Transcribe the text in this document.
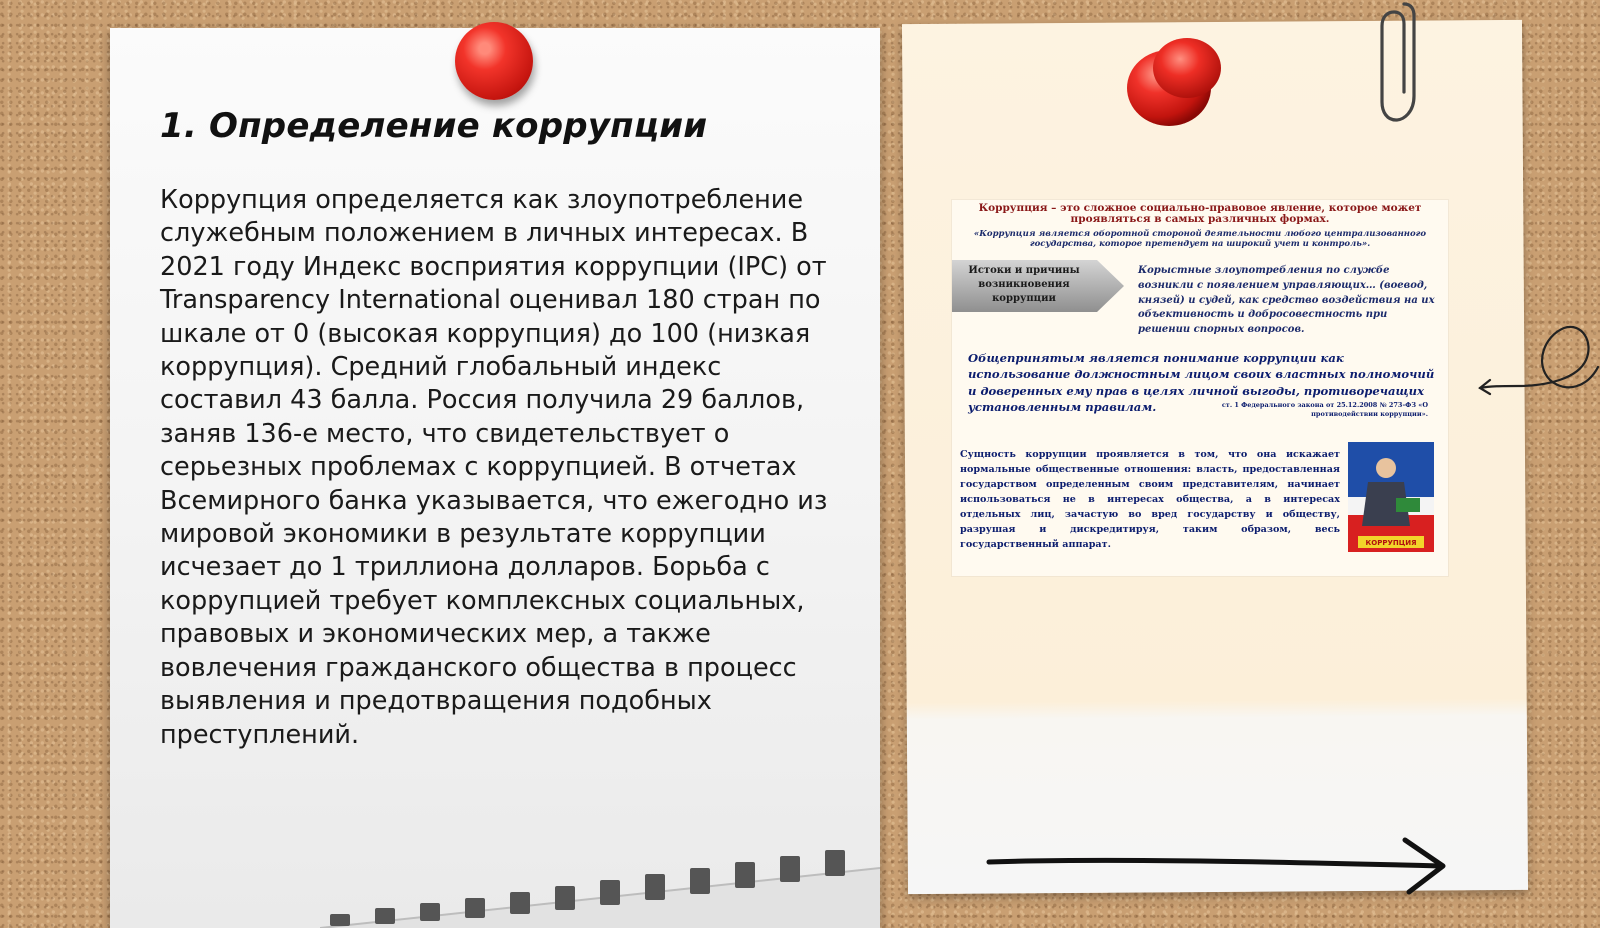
1. Определение коррупции

Коррупция определяется как злоупотребление служебным положением в личных интересах. В 2021 году Индекс восприятия коррупции (IPC) от Transparency International оценивал 180 стран по шкале от 0 (высокая коррупция) до 100 (низкая коррупция). Средний глобальный индекс составил 43 балла. Россия получила 29 баллов, заняв 136-е место, что свидетельствует о серьезных проблемах с коррупцией. В отчетах Всемирного банка указывается, что ежегодно из мировой экономики в результате коррупции исчезает до 1 триллиона долларов. Борьба с коррупцией требует комплексных социальных, правовых и экономических мер, а также вовлечения гражданского общества в процесс выявления и предотвращения подобных преступлений.

Коррупция – это сложное социально-правовое явление, которое может проявляться в самых различных формах.
«Коррупция является оборотной стороной деятельности любого централизованного государства, которое претендует на широкий учет и контроль».
Истоки и причины возникновения коррупции
Корыстные злоупотребления по службе возникли с появлением управляющих… (воевод, князей) и судей, как средство воздействия на их объективность и добросовестность при решении спорных вопросов.
Общепринятым является понимание коррупции как использование должностным лицом своих властных полномочий и доверенных ему прав в целях личной выгоды, противоречащих установленным правилам.	ст. 1 Федерального закона от 25.12.2008 № 273-ФЗ «О противодействии коррупции».
Сущность коррупции проявляется в том, что она искажает нормальные общественные отношения: власть, предоставленная государством определенным своим представителям, начинает использоваться не в интересах общества, а в интересах отдельных лиц, зачастую во вред государству и обществу, разрушая и дискредитируя, таким образом, весь государственный аппарат.	КОРРУПЦИЯ
